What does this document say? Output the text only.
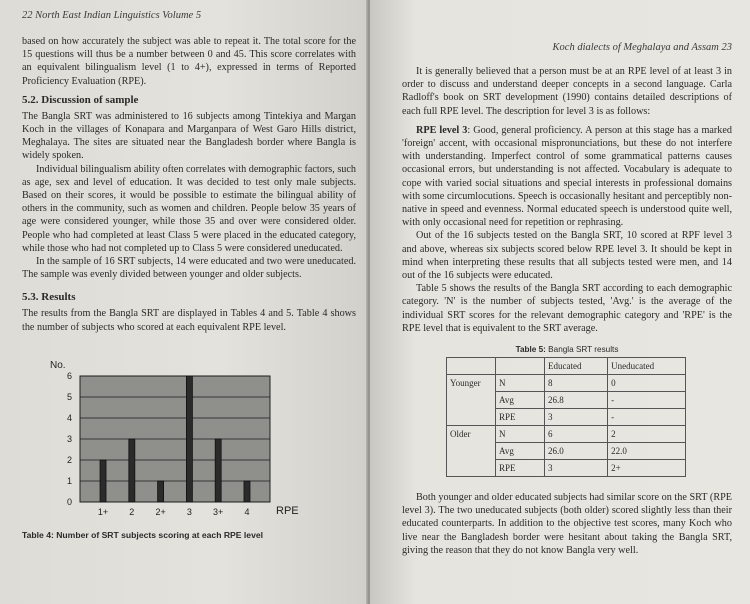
22 North East Indian Linguistics Volume 5

based on how accurately the subject was able to repeat it. The total score for the 15 questions will thus be a number between 0 and 45. This score correlates with an equivalent bilingualism level (1 to 4+), expressed in terms of Reported Proficiency Evaluation (RPE).

5.2. Discussion of sample

The Bangla SRT was administered to 16 subjects among Tintekiya and Margan Koch in the villages of Konapara and Marganpara of West Garo Hills district, Meghalaya. The sites are situated near the Bangladesh border where Bangla is widely spoken.

Individual bilingualism ability often correlates with demographic factors, such as age, sex and level of education. It was decided to test only male subjects. Based on their scores, it would be possible to estimate the bilingual ability of others in the community, such as women and children. People below 35 years of age were considered younger, while those 35 and over were considered older. People who had completed at least Class 5 were placed in the educated category, while those who had not completed up to Class 5 were considered uneducated.

In the sample of 16 SRT subjects, 14 were educated and two were uneducated. The sample was evenly divided between younger and older subjects.

5.3. Results

The results from the Bangla SRT are displayed in Tables 4 and 5. Table 4 shows the number of subjects who scored at each equivalent RPE level.

0
1
2
3
4
5
6
No.
1+ 2 2+ 3 3+ 4 RPE
Table 4: Number of SRT subjects scoring at each RPE level
Koch dialects of Meghalaya and Assam 23

It is generally believed that a person must be at an RPE level of at least 3 in order to discuss and understand deeper concepts in a second language. Carla Radloff's book on SRT development (1990) contains detailed descriptions of each full RPE level. The description for level 3 is as follows:

RPE level 3: Good, general proficiency. A person at this stage has a marked 'foreign' accent, with occasional mispronunciations, but these do not interfere with understanding. Imperfect control of some grammatical patterns causes occasional errors, but understanding is not affected. Vocabulary is adequate to cope with varied social situations and special interests in professional domains with some circumlocutions. Speech is occasionally hesitant and perceptibly non-native in speed and evenness. Normal educated speech is understood quite well, with only occasional need for repetition or rephrasing.

Out of the 16 subjects tested on the Bangla SRT, 10 scored at RPF level 3 and above, whereas six subjects scored below RPE level 3. It should be kept in mind when interpreting these results that all subjects tested were men, and 14 out of the 16 subjects were educated.

Table 5 shows the results of the Bangla SRT according to each demographic category. 'N' is the number of subjects tested, 'Avg.' is the average of the individual SRT scores for the relevant demographic category and 'RPE' is the RPE level that is equivalent to the SRT average.

Table 5: Bangla SRT results
		Educated	Uneducated
Younger	N	8	0
	Avg	26.8	-
	RPE	3	-
Older	N	6	2
	Avg	26.0	22.0
	RPE	3	2+

Both younger and older educated subjects had similar score on the SRT (RPE level 3). The two uneducated subjects (both older) scored slightly less than their educated counterparts. In addition to the objective test scores, many Koch who live near the Bangladesh border were hesitant about taking the Bangla SRT, giving the reason that they do not know Bangla very well.
